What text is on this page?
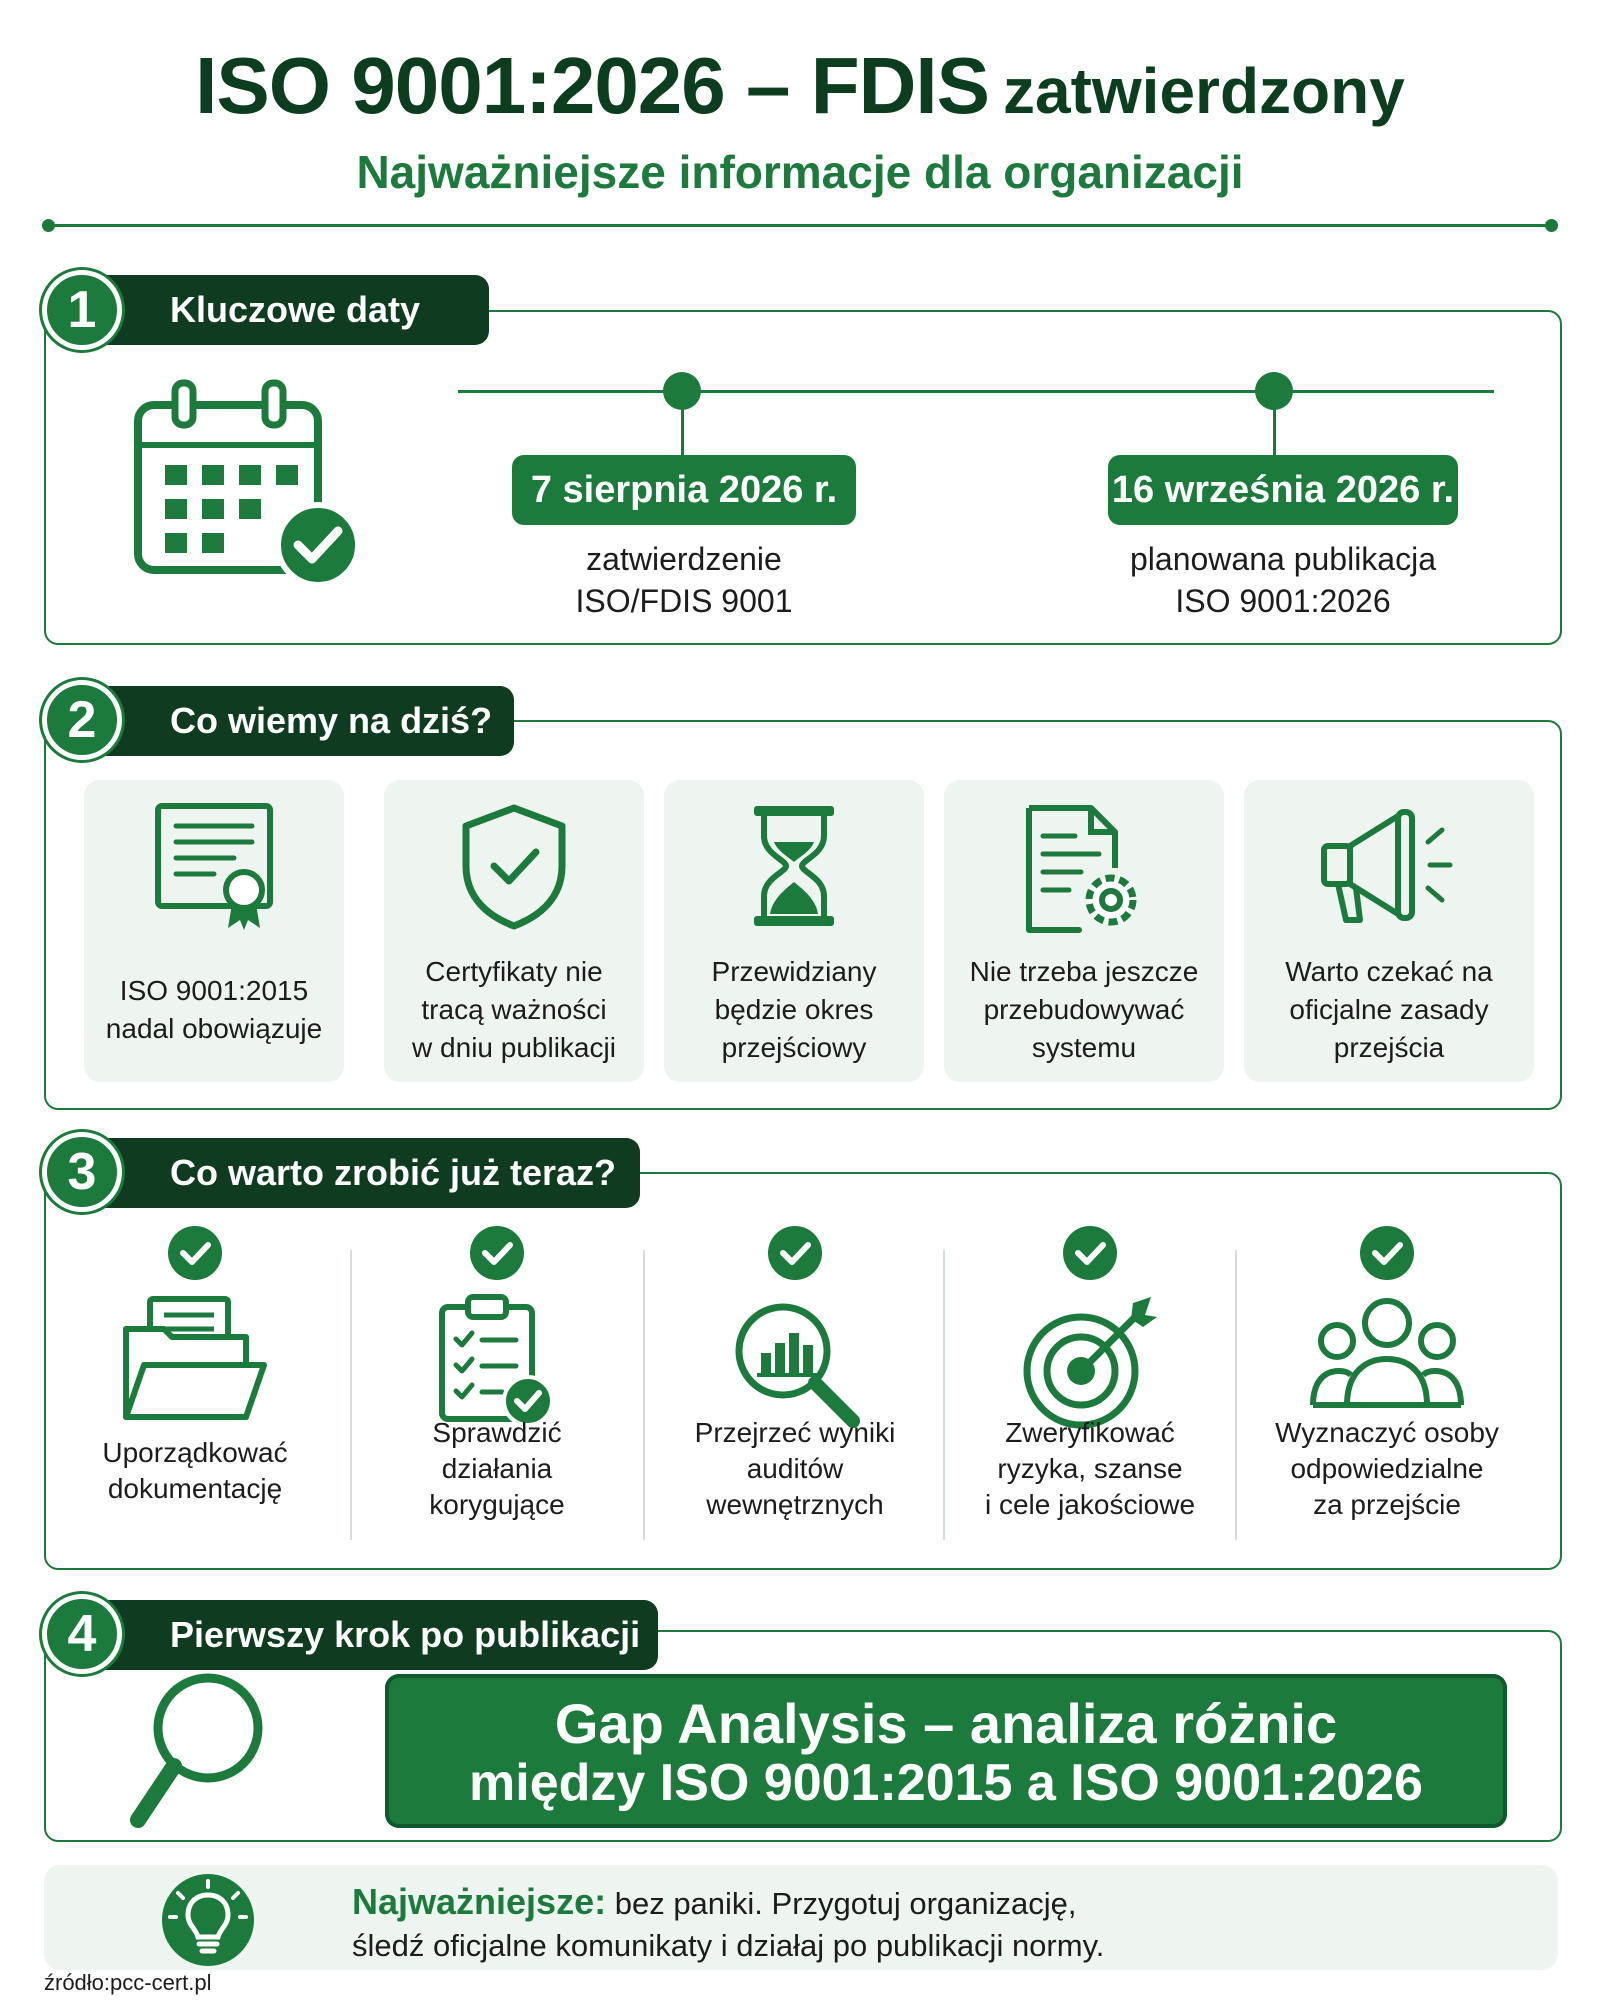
ISO 9001:2026 – FDIS zatwierdzony
Najważniejsze informacje dla organizacji
1	Kluczowe daty
7 sierpnia 2026 r.
zatwierdzenie
ISO/FDIS 9001
16 września 2026 r.
planowana publikacja
ISO 9001:2026
2	Co wiemy na dziś?
ISO 9001:2015
nadal obowiązuje
Certyfikaty nie
tracą ważności
w dniu publikacji
Przewidziany
będzie okres
przejściowy
Nie trzeba jeszcze
przebudowywać
systemu
Warto czekać na
oficjalne zasady
przejścia
3	Co warto zrobić już teraz?
Uporządkować
dokumentację
Sprawdzić
działania
korygujące
Przejrzeć wyniki
auditów
wewnętrznych
Zweryfikować
ryzyka, szanse
i cele jakościowe
Wyznaczyć osoby
odpowiedzialne
za przejście
4	Pierwszy krok po publikacji
Gap Analysis – analiza różnic
między ISO 9001:2015 a ISO 9001:2026
Najważniejsze: bez paniki. Przygotuj organizację,
śledź oficjalne komunikaty i działaj po publikacji normy.
źródło:pcc-cert.pl
